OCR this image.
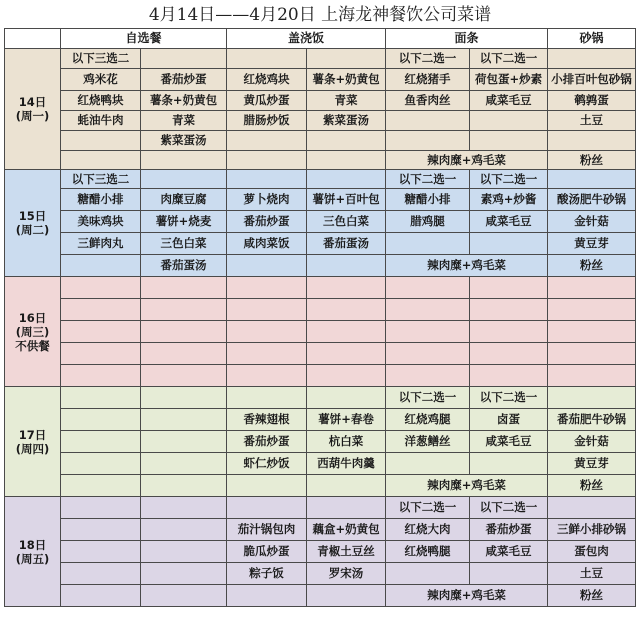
4月14日——4月20日 上海龙神餐饮公司菜谱
	自选餐		盖浇饭		面条		砂锅

14日
(周一)	以下三选二				以下二选一	以下二选一	
	鸡米花	番茄炒蛋	红烧鸡块	薯条+奶黄包	红烧猪手	荷包蛋+炒素	小排百叶包砂锅
	红烧鸭块	薯条+奶黄包	黄瓜炒蛋	青菜	鱼香肉丝	咸菜毛豆	鹌鹑蛋
	蚝油牛肉	青菜	腊肠炒饭	紫菜蛋汤			土豆
		紫菜蛋汤					
					辣肉糜+鸡毛菜		粉丝

15日
(周二)	以下三选二				以下二选一	以下二选一	
	糖醋小排	肉糜豆腐	萝卜烧肉	薯饼+百叶包	糖醋小排	素鸡+炒酱	酸汤肥牛砂锅
	美味鸡块	薯饼+烧麦	番茄炒蛋	三色白菜	腊鸡腿	咸菜毛豆	金针菇
	三鲜肉丸	三色白菜	咸肉菜饭	番茄蛋汤			黄豆芽
		番茄蛋汤			辣肉糜+鸡毛菜		粉丝

16日
(周三)
不供餐							

17日
(周四)					以下二选一	以下二选一	
			香辣翅根	薯饼+春卷	红烧鸡腿	卤蛋	番茄肥牛砂锅
			番茄炒蛋	杭白菜	洋葱鳝丝	咸菜毛豆	金针菇
			虾仁炒饭	西葫牛肉羹			黄豆芽
					辣肉糜+鸡毛菜		粉丝

18日
(周五)					以下二选一	以下二选一	
			茄汁锅包肉	藕盒+奶黄包	红烧大肉	番茄炒蛋	三鲜小排砂锅
			脆瓜炒蛋	青椒土豆丝	红烧鸭腿	咸菜毛豆	蛋包肉
			粽子饭	罗宋汤			土豆
					辣肉糜+鸡毛菜		粉丝
